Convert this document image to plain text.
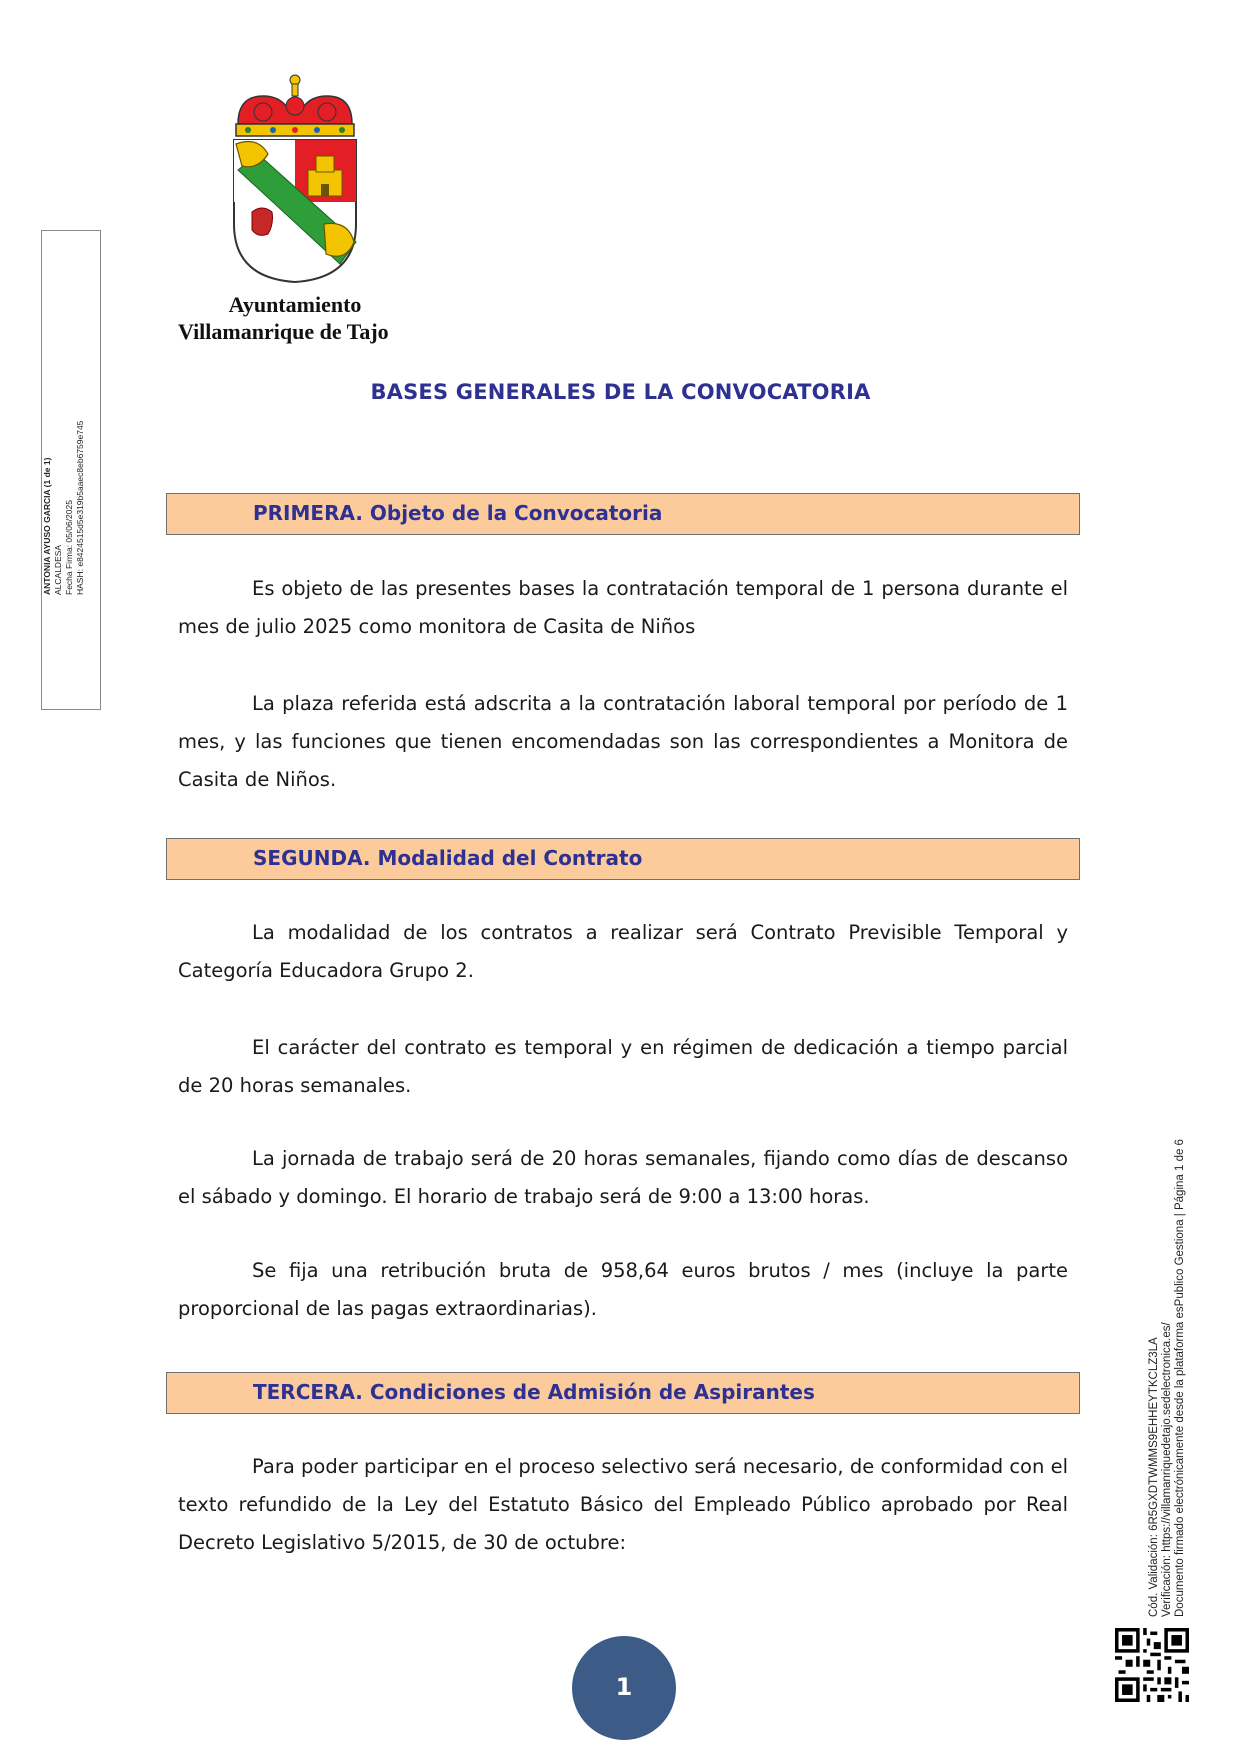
ANTONIA AYUSO GARCIA (1 de 1) ALCALDESA Fecha Firma: 05/06/2025 HASH: e8424515d5e319b5aaec8eb6759e745
Ayuntamiento
Villamanrique de Tajo
BASES GENERALES DE LA CONVOCATORIA
PRIMERA. Objeto de la Convocatoria
Es objeto de las presentes bases la contratación temporal de 1 persona durante el mes de julio 2025 como monitora de Casita de Niños
La plaza referida está adscrita a la contratación laboral temporal por período de 1 mes, y las funciones que tienen encomendadas son las correspondientes a Monitora de Casita de Niños.
SEGUNDA. Modalidad del Contrato
La modalidad de los contratos a realizar será Contrato Previsible Temporal y Categoría Educadora Grupo 2.
El carácter del contrato es temporal y en régimen de dedicación a tiempo parcial de 20 horas semanales.
La jornada de trabajo será de 20 horas semanales, fijando como días de descanso el sábado y domingo. El horario de trabajo será de 9:00 a 13:00 horas.
Se fija una retribución bruta de 958,64 euros brutos / mes (incluye la parte proporcional de las pagas extraordinarias).
TERCERA. Condiciones de Admisión de Aspirantes
Para poder participar en el proceso selectivo será necesario, de conformidad con el texto refundido de la Ley del Estatuto Básico del Empleado Público aprobado por Real Decreto Legislativo 5/2015, de 30 de octubre:	Cód. Validación: 6R5GXDTWMMS9EHHEYTKCLZ3LA Verificación: https://villamanriquedetajo.sedelectronica.es/ Documento firmado electrónicamente desde la plataforma esPublico Gestiona | Página 1 de 6
1
